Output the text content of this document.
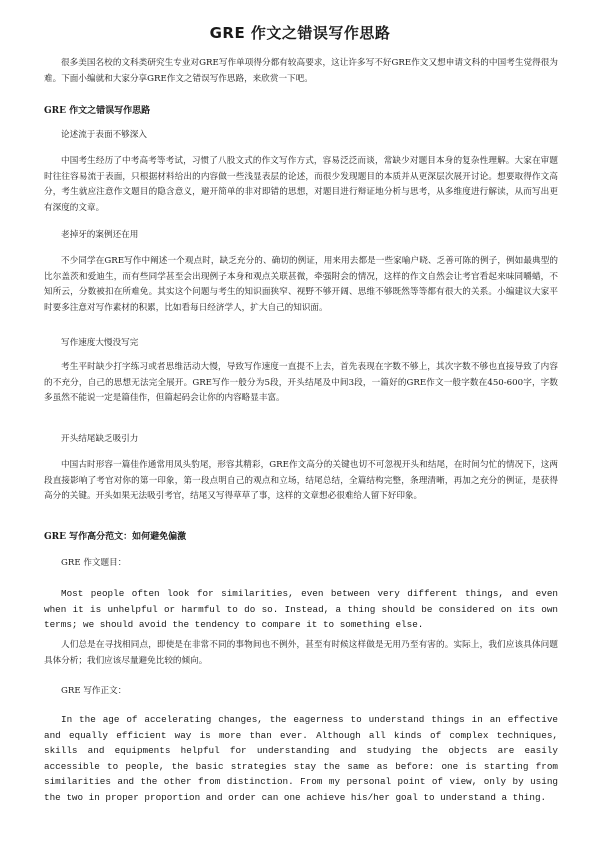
GRE 作文之错误写作思路
很多美国名校的文科类研究生专业对GRE写作单项得分都有较高要求，这让许多写不好GRE作文又想申请文科的中国考生觉得很为难。下面小编就和大家分享GRE作文之错误写作思路，来欣赏一下吧。
GRE 作文之错误写作思路
论述流于表面不够深入
中国考生经历了中考高考等考试，习惯了八股文式的作文写作方式，容易泛泛而谈，常缺少对题目本身的复杂性理解。大家在审题时往往容易流于表面，只根据材料给出的内容做一些浅显表层的论述，而很少发现题目的本质并从更深层次展开讨论。想要取得作文高分，考生就应注意作文题目的隐含意义，避开简单的非对即错的思想，对题目进行辩证地分析与思考，从多维度进行解读，从而写出更有深度的文章。
老掉牙的案例还在用
不少同学在GRE写作中阐述一个观点时，缺乏充分的、确切的例证，用来用去都是一些家喻户晓、乏善可陈的例子，例如最典型的比尔盖茨和爱迪生，而有些同学甚至会出现例子本身和观点关联甚微，牵强附会的情况，这样的作文自然会让考官看起来味同嚼蜡，不知所云，分数被扣在所难免。其实这个问题与考生的知识面狭窄、视野不够开阔、思维不够既然等等都有很大的关系。小编建议大家平时要多注意对写作素材的积累，比如看每日经济学人，扩大自己的知识面。
写作速度大慢没写完
考生平时缺少打字练习或者思维活动大慢，导致写作速度一直提不上去，首先表现在字数不够上，其次字数不够也直接导致了内容的不充分，自己的思想无法完全展开。GRE写作一般分为5段，开头结尾及中间3段，一篇好的GRE作文一般字数在450-600字，字数多虽然不能说一定是篇佳作，但篇起码会让你的内容略显丰富。
开头结尾缺乏吸引力
中国古时形容一篇佳作通常用凤头豹尾，形容其精彩，GRE作文高分的关键也切不可忽视开头和结尾，在时间匀忙的情况下，这两段直接影响了考官对你的第一印象，第一段点明自己的观点和立场，结尾总结，全篇结构完整，条理清晰，再加之充分的例证，是获得高分的关键。开头如果无法吸引考官，结尾又写得草草了事，这样的文章想必很难给人留下好印象。
GRE 写作高分范文：如何避免偏激
GRE 作文题目：
Most people often look for similarities, even between very different things, and even when it is unhelpful or harmful to do so. Instead, a thing should be considered on its own terms; we should avoid the tendency to compare it to something else.
人们总是在寻找相同点，即使是在非常不同的事物间也不例外，甚至有时候这样做是无用乃至有害的。实际上，我们应该具体问题具体分析；我们应该尽量避免比较的倾向。
GRE 写作正文：
In the age of accelerating changes, the eagerness to understand things in an effective and equally efficient way is more than ever. Although all kinds of complex techniques, skills and equipments helpful for understanding and studying the objects are easily accessible to people, the basic strategies stay the same as before: one is starting from similarities and the other from distinction. From my personal point of view, only by using the two in proper proportion and order can one achieve his/her goal to understand a thing.
